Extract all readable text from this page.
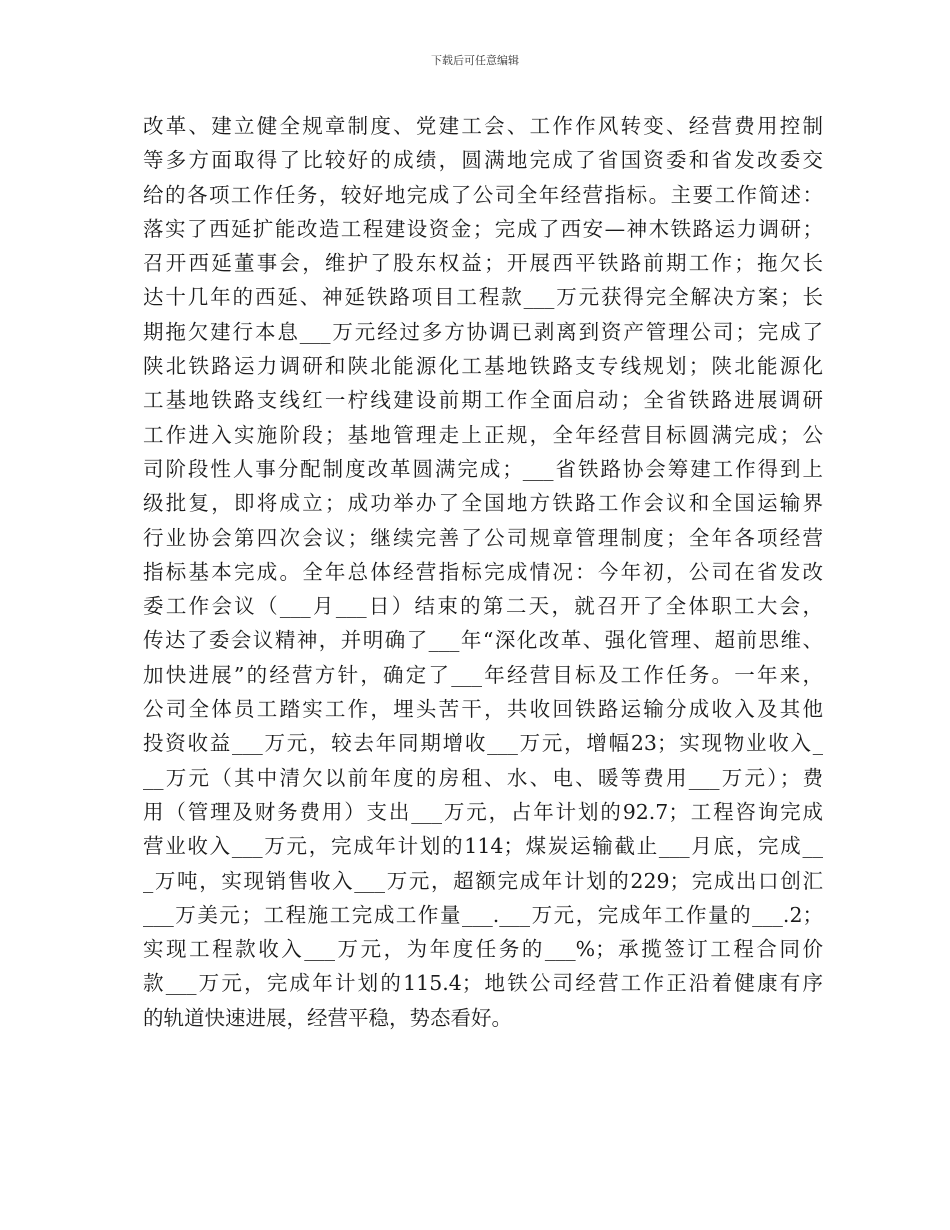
下载后可任意编辑
改革、建立健全规章制度、党建工会、工作作风转变、经营费用控制
等多方面取得了比较好的成绩，圆满地完成了省国资委和省发改委交
给的各项工作任务，较好地完成了公司全年经营指标。主要工作简述：
落实了西延扩能改造工程建设资金；完成了西安—神木铁路运力调研；
召开西延董事会，维护了股东权益；开展西平铁路前期工作；拖欠长
达十几年的西延、神延铁路项目工程款___万元获得完全解决方案；长
期拖欠建行本息___万元经过多方协调已剥离到资产管理公司；完成了
陕北铁路运力调研和陕北能源化工基地铁路支专线规划；陕北能源化
工基地铁路支线红一柠线建设前期工作全面启动；全省铁路进展调研
工作进入实施阶段；基地管理走上正规，全年经营目标圆满完成；公
司阶段性人事分配制度改革圆满完成；___省铁路协会筹建工作得到上
级批复，即将成立；成功举办了全国地方铁路工作会议和全国运输界
行业协会第四次会议；继续完善了公司规章管理制度；全年各项经营
指标基本完成。全年总体经营指标完成情况：今年初，公司在省发改
委工作会议（___月___日）结束的第二天，就召开了全体职工大会，
传达了委会议精神，并明确了___年“深化改革、强化管理、超前思维、
加快进展”的经营方针，确定了___年经营目标及工作任务。一年来，
公司全体员工踏实工作，埋头苦干，共收回铁路运输分成收入及其他
投资收益___万元，较去年同期增收___万元，增幅23；实现物业收入_
__万元（其中清欠以前年度的房租、水、电、暖等费用___万元）；费
用（管理及财务费用）支出___万元，占年计划的92.7；工程咨询完成
营业收入___万元，完成年计划的114；煤炭运输截止___月底，完成__
_万吨，实现销售收入___万元，超额完成年计划的229；完成出口创汇
___万美元；工程施工完成工作量___.___万元，完成年工作量的___.2；
实现工程款收入___万元，为年度任务的___%；承揽签订工程合同价
款___万元，完成年计划的115.4；地铁公司经营工作正沿着健康有序
的轨道快速进展，经营平稳，势态看好。
